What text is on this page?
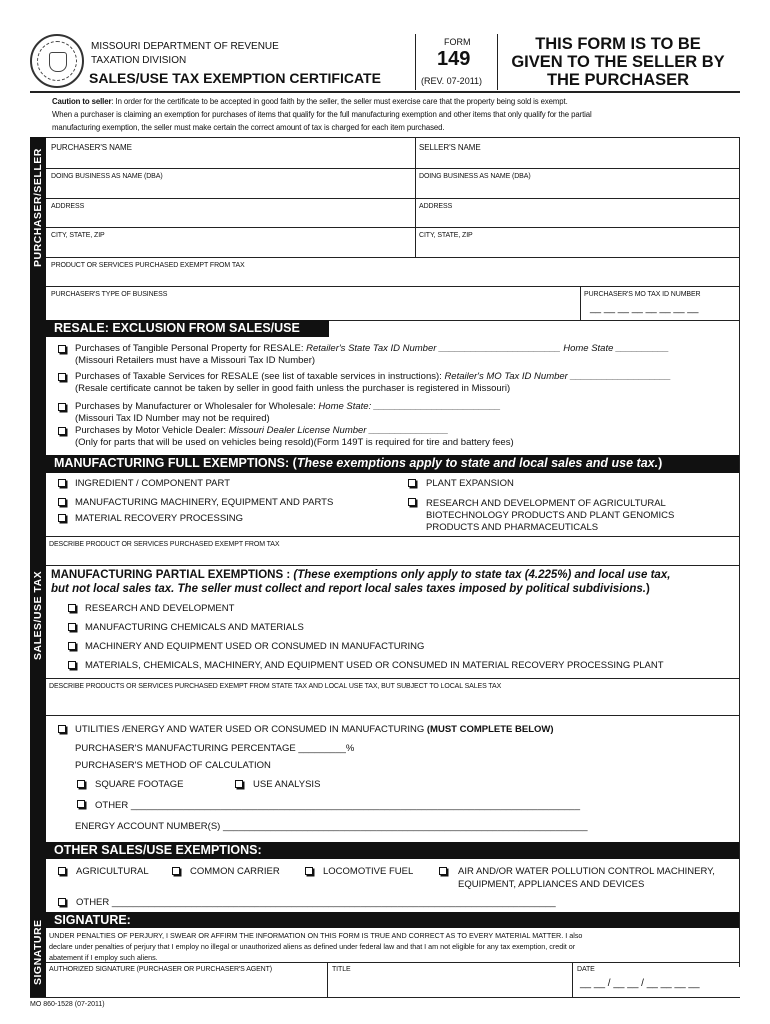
MISSOURI DEPARTMENT OF REVENUE
TAXATION DIVISION
SALES/USE TAX EXEMPTION CERTIFICATE
FORM
149
(REV. 07-2011)
THIS FORM IS TO BE
GIVEN TO THE SELLER BY
THE PURCHASER
Caution to seller: In order for the certificate to be accepted in good faith by the seller, the seller must exercise care that the property being sold is exempt.
When a purchaser is claiming an exemption for purchases of items that qualify for the full manufacturing exemption and other items that only qualify for the partial
manufacturing exemption, the seller must make certain the correct amount of tax is charged for each item purchased.
PURCHASER/SELLER
PURCHASER'S NAME	SELLER'S NAME
DOING BUSINESS AS NAME (DBA)	DOING BUSINESS AS NAME (DBA)
ADDRESS	ADDRESS
CITY, STATE, ZIP	CITY, STATE, ZIP
PRODUCT OR SERVICES PURCHASED EXEMPT FROM TAX
PURCHASER'S TYPE OF BUSINESS	PURCHASER'S MO TAX ID NUMBER
__ __ __ __ __ __ __ __
SALES/USE TAX
RESALE: EXCLUSION FROM SALES/USE
Purchases of Tangible Personal Property for RESALE: Retailer's State Tax ID Number _______________________ Home State __________
(Missouri Retailers must have a Missouri Tax ID Number)
Purchases of Taxable Services for RESALE (see list of taxable services in instructions): Retailer's MO Tax ID Number ___________________
(Resale certificate cannot be taken by seller in good faith unless the purchaser is registered in Missouri)
Purchases by Manufacturer or Wholesaler for Wholesale: Home State: ________________________
(Missouri Tax ID Number may not be required)
Purchases by Motor Vehicle Dealer: Missouri Dealer License Number _______________
(Only for parts that will be used on vehicles being resold)(Form 149T is required for tire and battery fees)
MANUFACTURING FULL EXEMPTIONS: (These exemptions apply to state and local sales and use tax.)
INGREDIENT / COMPONENT PART
MANUFACTURING MACHINERY, EQUIPMENT AND PARTS
MATERIAL RECOVERY PROCESSING
PLANT EXPANSION
RESEARCH AND DEVELOPMENT OF AGRICULTURAL
BIOTECHNOLOGY PRODUCTS AND PLANT GENOMICS
PRODUCTS AND PHARMACEUTICALS
DESCRIBE PRODUCT OR SERVICES PURCHASED EXEMPT FROM TAX
MANUFACTURING PARTIAL EXEMPTIONS : (These exemptions only apply to state tax (4.225%) and local use tax,
but not local sales tax. The seller must collect and report local sales taxes imposed by political subdivisions.)
RESEARCH AND DEVELOPMENT
MANUFACTURING CHEMICALS AND MATERIALS
MACHINERY AND EQUIPMENT USED OR CONSUMED IN MANUFACTURING
MATERIALS, CHEMICALS, MACHINERY, AND EQUIPMENT USED OR CONSUMED IN MATERIAL RECOVERY PROCESSING PLANT
DESCRIBE PRODUCTS OR SERVICES PURCHASED EXEMPT FROM STATE TAX AND LOCAL USE TAX, BUT SUBJECT TO LOCAL SALES TAX
UTILITIES /ENERGY AND WATER USED OR CONSUMED IN MANUFACTURING (MUST COMPLETE BELOW)
PURCHASER'S MANUFACTURING PERCENTAGE _________%
PURCHASER'S METHOD OF CALCULATION
SQUARE FOOTAGE	USE ANALYSIS
OTHER _____________________________________________________________________________________
ENERGY ACCOUNT NUMBER(S) _____________________________________________________________________
OTHER SALES/USE EXEMPTIONS:
AGRICULTURAL	COMMON CARRIER	LOCOMOTIVE FUEL	AIR AND/OR WATER POLLUTION CONTROL MACHINERY,
EQUIPMENT, APPLIANCES AND DEVICES
OTHER ____________________________________________________________________________________
SIGNATURE SIGNATURE:
UNDER PENALTIES OF PERJURY, I SWEAR OR AFFIRM THE INFORMATION ON THIS FORM IS TRUE AND CORRECT AS TO EVERY MATERIAL MATTER. I also
declare under penalties of perjury that I employ no illegal or unauthorized aliens as defined under federal law and that I am not eligible for any tax exemption, credit or
abatement if I employ such aliens.
AUTHORIZED SIGNATURE (PURCHASER OR PURCHASER'S AGENT)	TITLE	DATE
__ __ / __ __ / __ __ __ __
MO 860-1528 (07-2011)
